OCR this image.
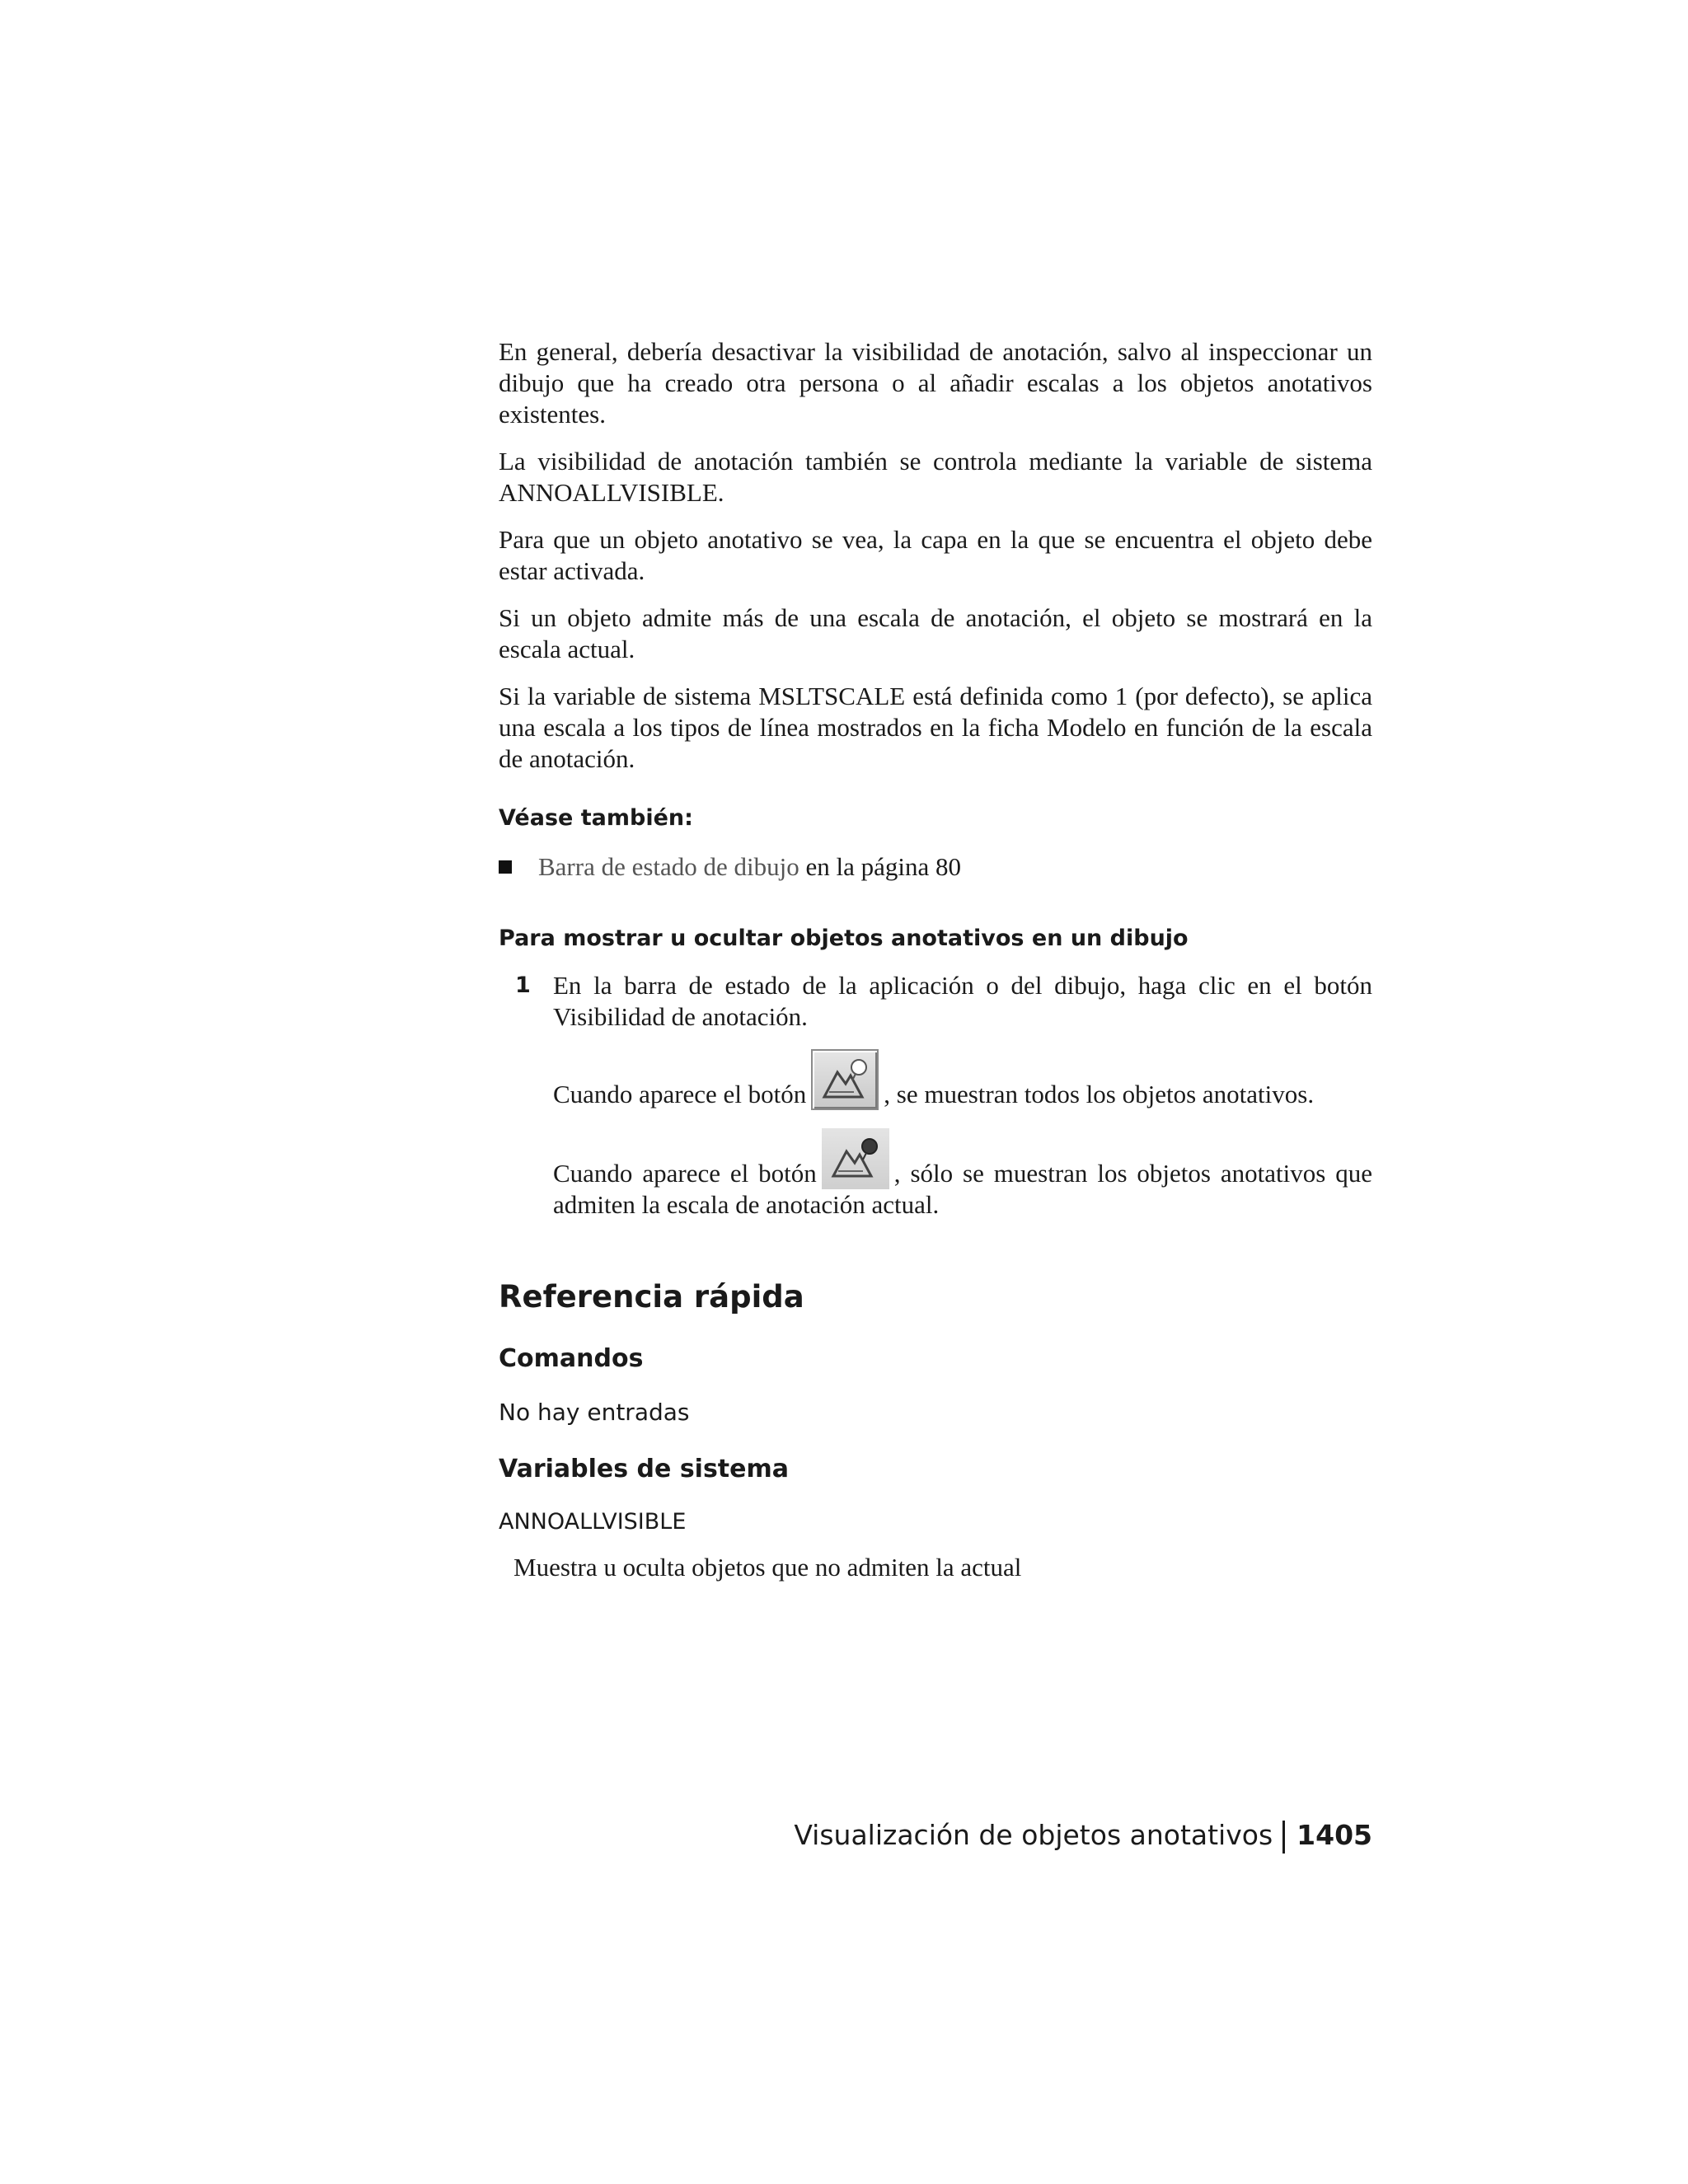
En general, debería desactivar la visibilidad de anotación, salvo al inspeccionar un dibujo que ha creado otra persona o al añadir escalas a los objetos anotativos existentes.

La visibilidad de anotación también se controla mediante la variable de sistema ANNOALLVISIBLE.

Para que un objeto anotativo se vea, la capa en la que se encuentra el objeto debe estar activada.

Si un objeto admite más de una escala de anotación, el objeto se mostrará en la escala actual.

Si la variable de sistema MSLTSCALE está definida como 1 (por defecto), se aplica una escala a los tipos de línea mostrados en la ficha Modelo en función de la escala de anotación.

Véase también:
Barra de estado de dibujo en la página 80
Para mostrar u ocultar objetos anotativos en un dibujo
1 En la barra de estado de la aplicación o del dibujo, haga clic en el botón Visibilidad de anotación.

Cuando aparece el botón	, se muestran todos los objetos anotativos.

Cuando aparece el botón	, sólo se muestran los objetos anotativos que admiten la escala de anotación actual.

Referencia rápida
Comandos
No hay entradas
Variables de sistema
ANNOALLVISIBLE
Muestra u oculta objetos que no admiten la actual
Visualización de objetos anotativos 1405
